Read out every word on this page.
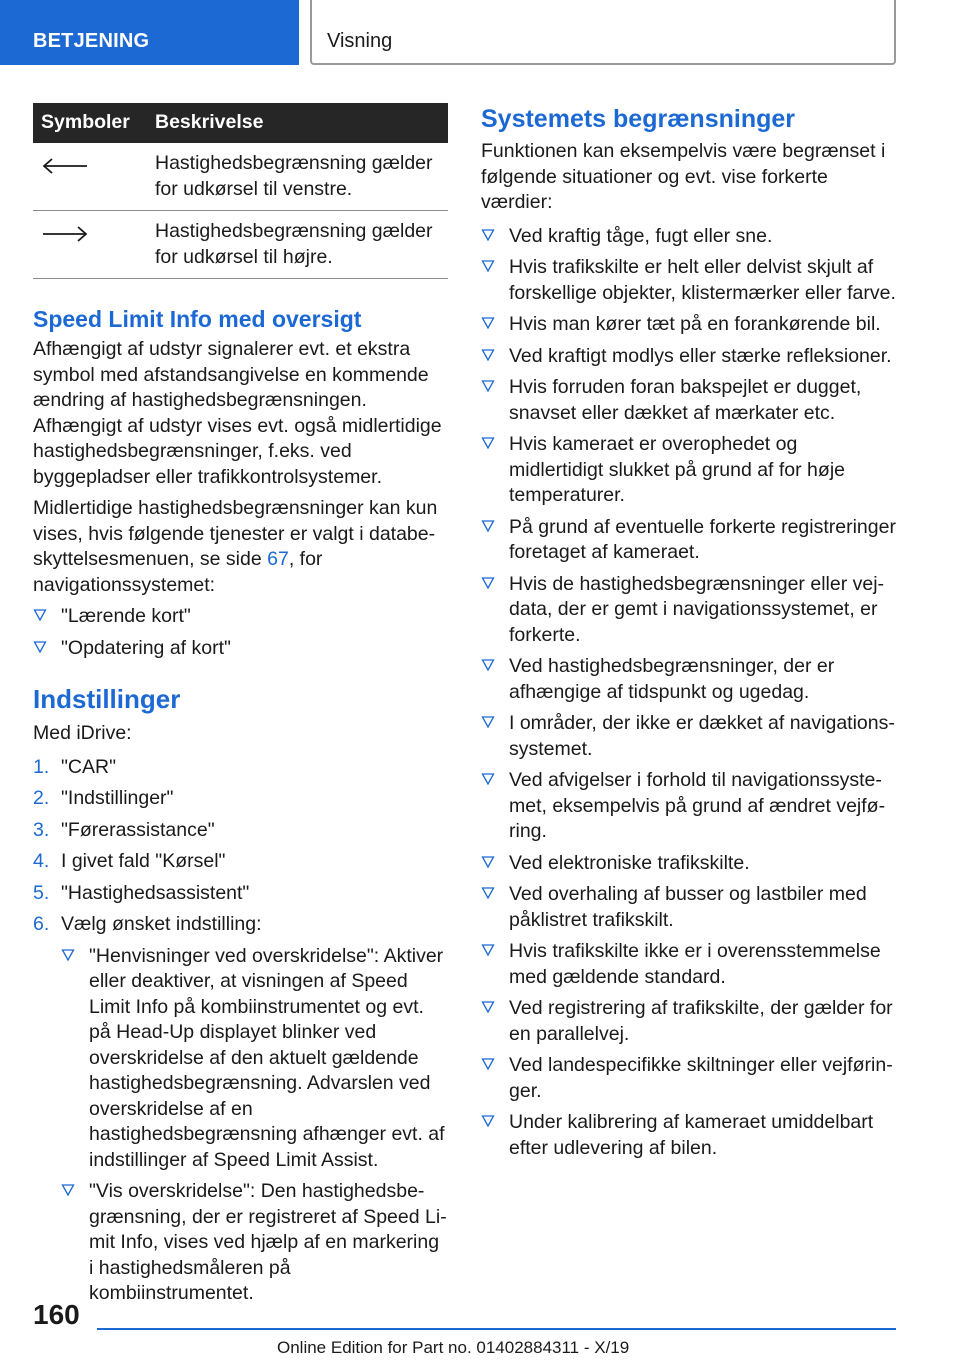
BETJENING	Visning
Symboler	Beskrivelse
	Hastighedsbegrænsning gælder for udkørsel til venstre.
	Hastighedsbegrænsning gælder for udkørsel til højre.
Speed Limit Info med oversigt

Afhængigt af udstyr signalerer evt. et ekstra symbol med afstandsangivelse en kommende ændring af hastighedsbegrænsningen. Afhængigt af udstyr vises evt. også midlertidige hastighedsbegrænsninger, f.eks. ved byggepladser eller trafikkontrolsystemer.

Midlertidige hastighedsbegrænsninger kan kun vises, hvis følgende tjenester er valgt i databeskyttelsesmenuen, se side 67, for navigationssystemet:

"Lærende kort"
"Opdatering af kort"
Indstillinger

Med iDrive:

1. "CAR"
2. "Indstillinger"
3. "Førerassistance"
4. I givet fald "Kørsel"
5. "Hastighedsassistent"
6. Vælg ønsket indstilling:
"Henvisninger ved overskridelse": Aktiver eller deaktiver, at visningen af Speed Limit Info på kombiinstrumentet og evt. på Head-Up displayet blinker ved overskridelse af den aktuelt gældende hastighedsbegrænsning. Advarslen ved overskridelse af en hastighedsbegrænsning afhænger evt. af indstillinger af Speed Limit Assist.
"Vis overskridelse": Den hastighedsbegrænsning, der er registreret af Speed Limit Info, vises ved hjælp af en markering i hastighedsmåleren på kombiinstrumentet.
Systemets begrænsninger

Funktionen kan eksempelvis være begrænset i følgende situationer og evt. vise forkerte værdier:

Ved kraftig tåge, fugt eller sne.
Hvis trafikskilte er helt eller delvist skjult af forskellige objekter, klistermærker eller farve.
Hvis man kører tæt på en forankørende bil.
Ved kraftigt modlys eller stærke refleksioner.
Hvis forruden foran bakspejlet er dugget, snavset eller dækket af mærkater etc.
Hvis kameraet er overophedet og midlertidigt slukket på grund af for høje temperaturer.
På grund af eventuelle forkerte registreringer foretaget af kameraet.
Hvis de hastighedsbegrænsninger eller vejdata, der er gemt i navigationssystemet, er forkerte.
Ved hastighedsbegrænsninger, der er afhængige af tidspunkt og ugedag.
I områder, der ikke er dækket af navigationssystemet.
Ved afvigelser i forhold til navigationssystemet, eksempelvis på grund af ændret vejføring.
Ved elektroniske trafikskilte.
Ved overhaling af busser og lastbiler med påklistret trafikskilt.
Hvis trafikskilte ikke er i overensstemmelse med gældende standard.
Ved registrering af trafikskilte, der gælder for en parallelvej.
Ved landespecifikke skiltninger eller vejføringer.
Under kalibrering af kameraet umiddelbart efter udlevering af bilen.
160
Online Edition for Part no. 01402884311 - X/19
